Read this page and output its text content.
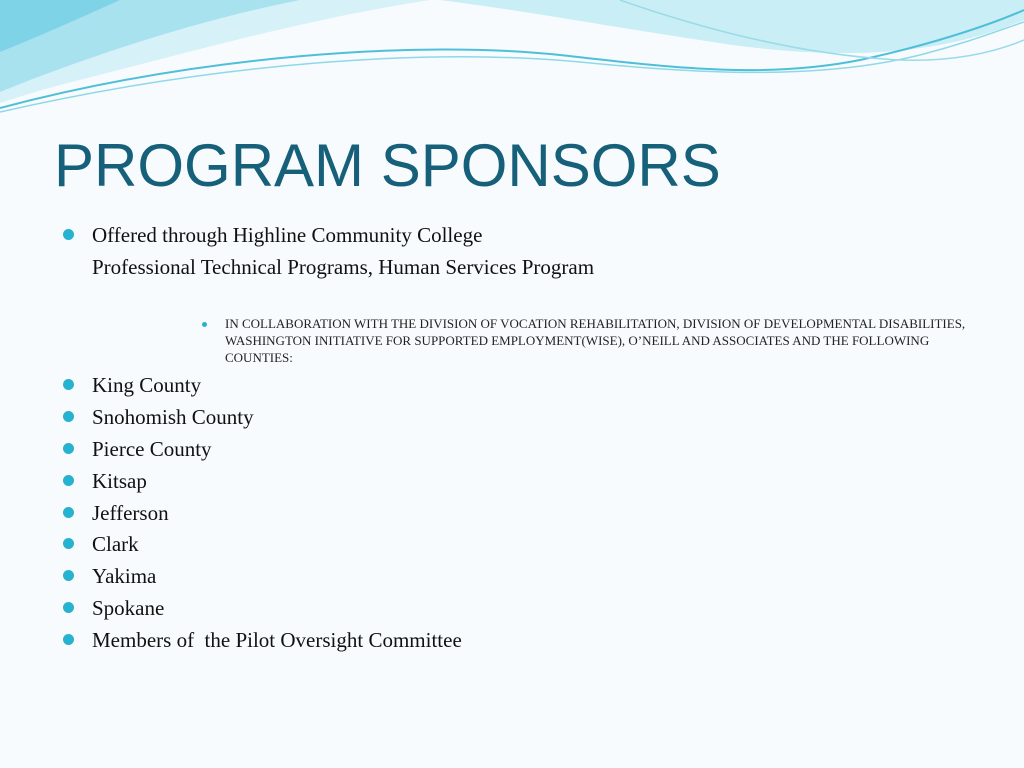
PROGRAM SPONSORS
Offered through Highline Community College
Professional Technical Programs, Human Services Program
IN COLLABORATION WITH THE DIVISION OF VOCATION REHABILITATION, DIVISION OF DEVELOPMENTAL DISABILITIES, WASHINGTON INITIATIVE FOR SUPPORTED EMPLOYMENT(WISE), O’NEILL AND ASSOCIATES AND THE FOLLOWING COUNTIES:
King County
Snohomish County
Pierce County
Kitsap
Jefferson
Clark
Yakima
Spokane
Members of  the Pilot Oversight Committee
